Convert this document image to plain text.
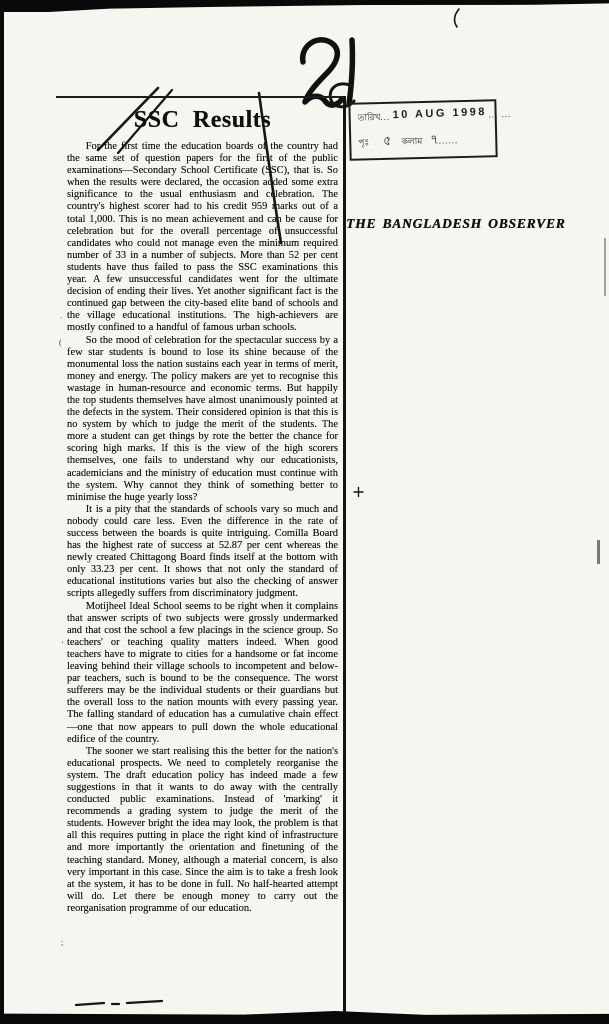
SSC Results

For the first time the education boards of the country had the same set of question papers for the first of the public examinations—Secondary School Certificate (SSC), that is. So when the results were declared, the occasion added some extra significance to the usual enthusiasm and celebration. The country's highest scorer had to his credit 959 marks out of a total 1,000. This is no mean achievement and can be cause for celebration but for the overall percentage of unsuccessful candidates who could not manage even the minimum required number of 33 in a number of subjects. More than 52 per cent students have thus failed to pass the SSC examinations this year. A few unsuccessful candidates went for the ultimate decision of ending their lives. Yet another significant fact is the continued gap between the city-based elite band of schools and the village educational institutions. The high-achievers are mostly confined to a handful of famous urban schools.

So the mood of celebration for the spectacular success by a few star students is bound to lose its shine because of the monumental loss the nation sustains each year in terms of merit, money and energy. The policy makers are yet to recognise this wastage in human-resource and economic terms. But happily the top students themselves have almost unanimously pointed at the defects in the system. Their considered opinion is that this is no system by which to judge the merit of the students. The more a student can get things by rote the better the chance for scoring high marks. If this is the view of the high scorers themselves, one fails to understand why our educationists, academicians and the ministry of education must continue with the system. Why cannot they think of something better to minimise the huge yearly loss?

It is a pity that the standards of schools vary so much and nobody could care less. Even the difference in the rate of success between the boards is quite intriguing. Comilla Board has the highest rate of success at 52.87 per cent whereas the newly created Chittagong Board finds itself at the bottom with only 33.23 per cent. It shows that not only the standard of educational institutions varies but also the checking of answer scripts allegedly suffers from discriminatory judgment.

Motijheel Ideal School seems to be right when it complains that answer scripts of two subjects were grossly undermarked and that cost the school a few placings in the science group. So teachers' or teaching quality matters indeed. When good teachers have to migrate to cities for a handsome or fat income leaving behind their village schools to incompetent and below-par teachers, such is bound to be the consequence. The worst sufferers may be the individual students or their guardians but the overall loss to the nation mounts with every passing year. The falling standard of education has a cumulative chain effect—one that now appears to pull down the whole educational edifice of the country.

The sooner we start realising this the better for the nation's educational prospects. We need to completely reorganise the system. The draft education policy has indeed made a few suggestions in that it wants to do away with the centrally conducted public examinations. Instead of 'marking' it recommends a grading system to judge the merit of the students. However bright the idea may look, the problem is that all this requires putting in place the right kind of infrastructure and more importantly the orientation and finetuning of the teaching standard. Money, although a material concern, is also very important in this case. Since the aim is to take a fresh look at the system, it has to be done in full. No half-hearted attempt will do. Let there be enough money to carry out the reorganisation programme of our education.

তারিখ ... 10 AUG 1998 ... ...
পৃঃ ৫ কলাম ৭ ......
THE BANGLADESH OBSERVER
`
(
'
;
